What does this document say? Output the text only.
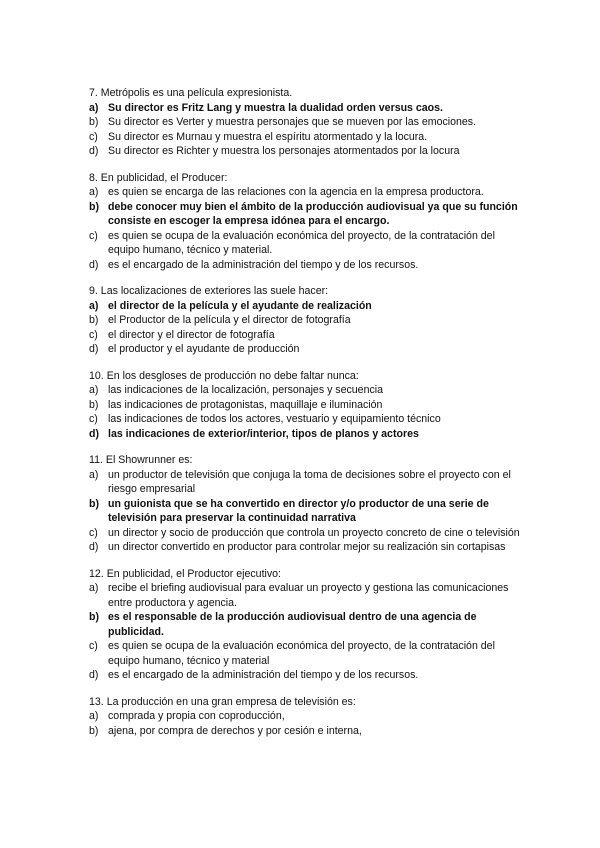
7. Metrópolis es una película expresionista.

a) Su director es Fritz Lang y muestra la dualidad orden versus caos.
b) Su director es Verter y muestra personajes que se mueven por las emociones.
c) Su director es Murnau y muestra el espíritu atormentado y la locura.
d) Su director es Richter y muestra los personajes atormentados por la locura

8. En publicidad, el Producer:

a) es quien se encarga de las relaciones con la agencia en la empresa productora.
b) debe conocer muy bien el ámbito de la producción audiovisual ya que su función consiste en escoger la empresa idónea para el encargo.
c) es quien se ocupa de la evaluación económica del proyecto, de la contratación del equipo humano, técnico y material.
d) es el encargado de la administración del tiempo y de los recursos.

9. Las localizaciones de exteriores las suele hacer:

a) el director de la película y el ayudante de realización
b) el Productor de la película y el director de fotografía
c) el director y el director de fotografía
d) el productor y el ayudante de producción

10. En los desgloses de producción no debe faltar nunca:

a) las indicaciones de la localización, personajes y secuencia
b) las indicaciones de protagonistas, maquillaje e iluminación
c) las indicaciones de todos los actores, vestuario y equipamiento técnico
d) las indicaciones de exterior/interior, tipos de planos y actores

11. El Showrunner es:

a) un productor de televisión que conjuga la toma de decisiones sobre el proyecto con el riesgo empresarial
b) un guionista que se ha convertido en director y/o productor de una serie de televisión para preservar la continuidad narrativa
c) un director y socio de producción que controla un proyecto concreto de cine o televisión
d) un director convertido en productor para controlar mejor su realización sin cortapisas

12. En publicidad, el Productor ejecutivo:

a) recibe el briefing audiovisual para evaluar un proyecto y gestiona las comunicaciones entre productora y agencia.
b) es el responsable de la producción audiovisual dentro de una agencia de publicidad.
c) es quien se ocupa de la evaluación económica del proyecto, de la contratación del equipo humano, técnico y material
d) es el encargado de la administración del tiempo y de los recursos.

13. La producción en una gran empresa de televisión es:

a) comprada y propia con coproducción,
b) ajena, por compra de derechos y por cesión e interna,
